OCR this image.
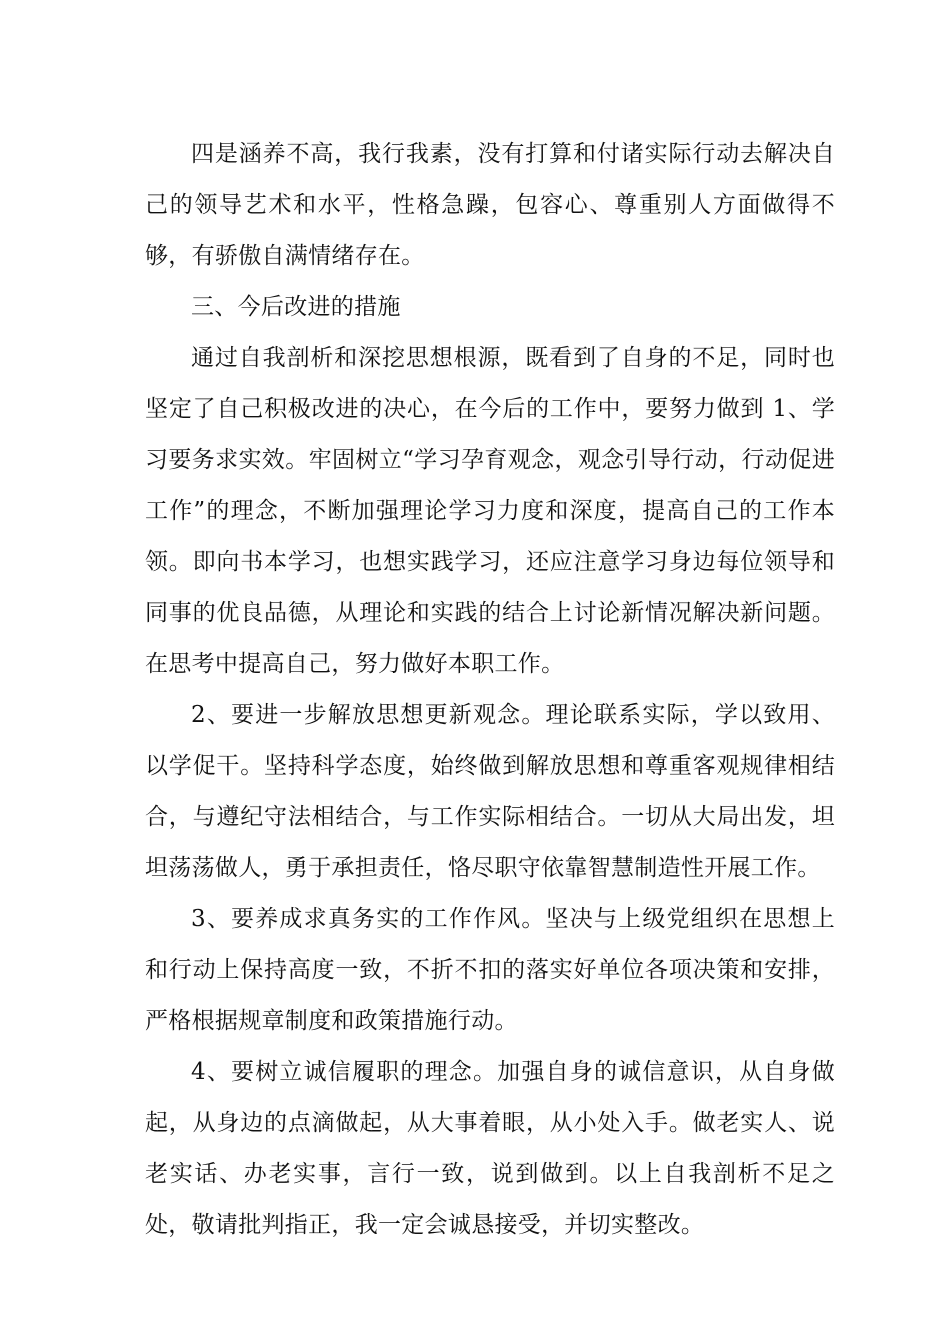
四是涵养不高，我行我素，没有打算和付诸实际行动去解决自己的领导艺术和水平，性格急躁，包容心、尊重别人方面做得不够，有骄傲自满情绪存在。

三、今后改进的措施

通过自我剖析和深挖思想根源，既看到了自身的不足，同时也坚定了自己积极改进的决心，在今后的工作中，要努力做到 1、学习要务求实效。牢固树立“学习孕育观念，观念引导行动，行动促进工作”的理念，不断加强理论学习力度和深度，提高自己的工作本领。即向书本学习，也想实践学习，还应注意学习身边每位领导和同事的优良品德，从理论和实践的结合上讨论新情况解决新问题。在思考中提高自己，努力做好本职工作。

2、要进一步解放思想更新观念。理论联系实际，学以致用、以学促干。坚持科学态度，始终做到解放思想和尊重客观规律相结合，与遵纪守法相结合，与工作实际相结合。一切从大局出发，坦坦荡荡做人，勇于承担责任，恪尽职守依靠智慧制造性开展工作。

3、要养成求真务实的工作作风。坚决与上级党组织在思想上和行动上保持高度一致，不折不扣的落实好单位各项决策和安排，严格根据规章制度和政策措施行动。

4、要树立诚信履职的理念。加强自身的诚信意识，从自身做起，从身边的点滴做起，从大事着眼，从小处入手。做老实人、说老实话、办老实事，言行一致，说到做到。以上自我剖析不足之处，敬请批判指正，我一定会诚恳接受，并切实整改。
